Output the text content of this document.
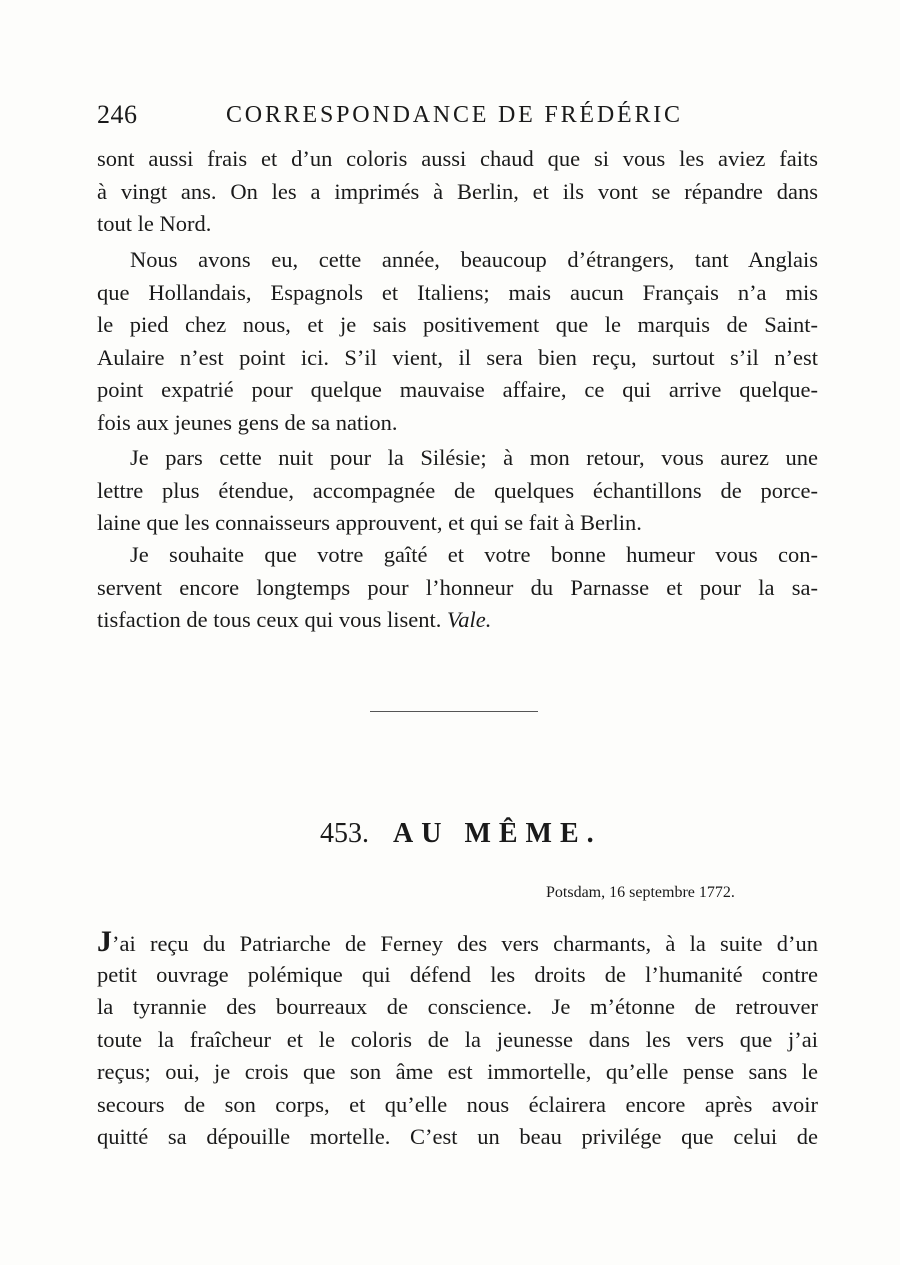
246	CORRESPONDANCE DE FRÉDÉRIC
sont aussi frais et d’un coloris aussi chaud que si vous les aviez faits
à vingt ans. On les a imprimés à Berlin, et ils vont se répandre dans
tout le Nord.
Nous avons eu, cette année, beaucoup d’étrangers, tant Anglais
que Hollandais, Espagnols et Italiens; mais aucun Français n’a mis
le pied chez nous, et je sais positivement que le marquis de Saint-
Aulaire n’est point ici. S’il vient, il sera bien reçu, surtout s’il n’est
point expatrié pour quelque mauvaise affaire, ce qui arrive quelque-
fois aux jeunes gens de sa nation.
Je pars cette nuit pour la Silésie; à mon retour, vous aurez une
lettre plus étendue, accompagnée de quelques échantillons de porce-
laine que les connaisseurs approuvent, et qui se fait à Berlin.
Je souhaite que votre gaîté et votre bonne humeur vous con-
servent encore longtemps pour l’honneur du Parnasse et pour la sa-
tisfaction de tous ceux qui vous lisent. Vale.
453. AU MÊME.
Potsdam, 16 septembre 1772.
J’ai reçu du Patriarche de Ferney des vers charmants, à la suite d’un
petit ouvrage polémique qui défend les droits de l’humanité contre
la tyrannie des bourreaux de conscience. Je m’étonne de retrouver
toute la fraîcheur et le coloris de la jeunesse dans les vers que j’ai
reçus; oui, je crois que son âme est immortelle, qu’elle pense sans le
secours de son corps, et qu’elle nous éclairera encore après avoir
quitté sa dépouille mortelle. C’est un beau privilége que celui de
